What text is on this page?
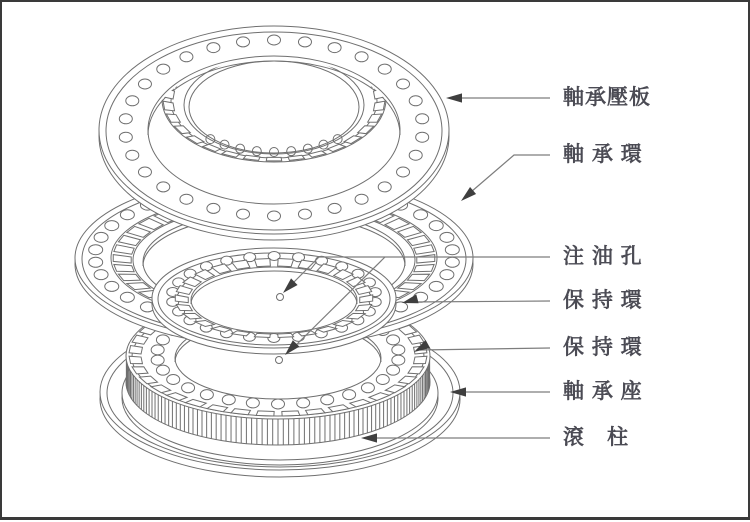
軸承壓板
軸 承 環
注 油 孔
保 持 環
保 持 環
軸 承 座
滾　柱
